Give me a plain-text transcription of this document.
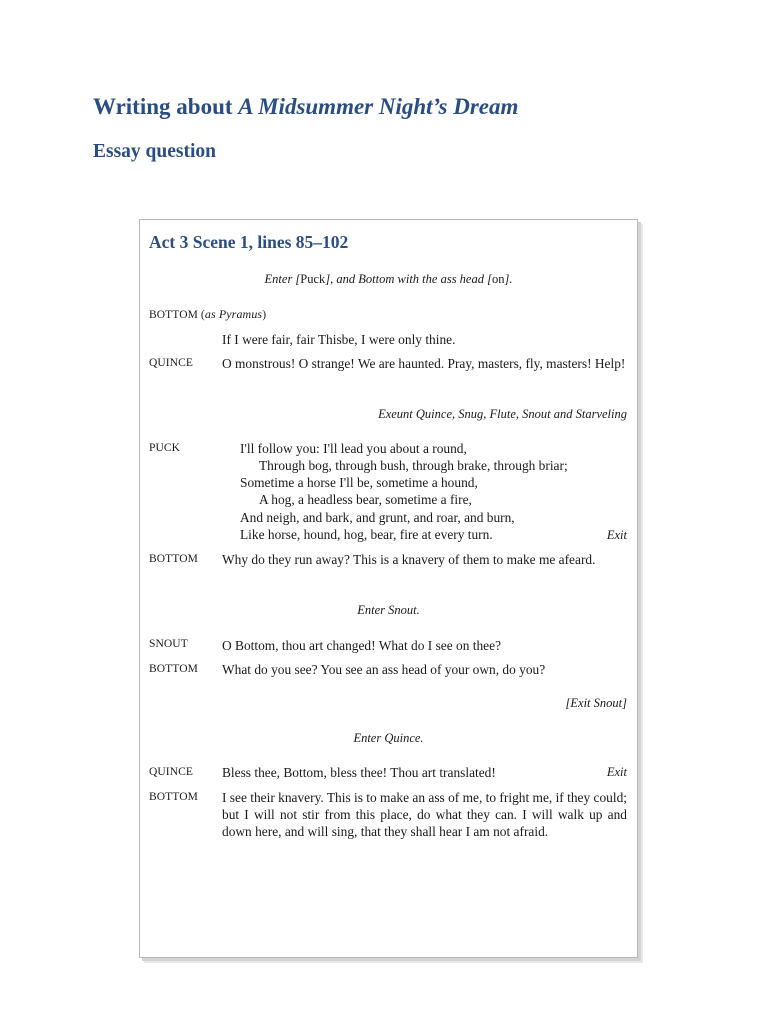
Writing about A Midsummer Night’s Dream
Essay question
Act 3 Scene 1, lines 85–102
Enter [Puck], and Bottom with the ass head [on].
BOTTOM (as Pyramus)
If I were fair, fair Thisbe, I were only thine.
QUINCE O monstrous! O strange! We are haunted. Pray, masters, fly, masters! Help!
Exeunt Quince, Snug, Flute, Snout and Starveling
PUCK	I'll follow you: I'll lead you about a round,
Through bog, through bush, through brake, through briar;
Sometime a horse I'll be, sometime a hound,
A hog, a headless bear, sometime a fire,
And neigh, and bark, and grunt, and roar, and burn,
Like horse, hound, hog, bear, fire at every turn.	Exit
BOTTOM Why do they run away? This is a knavery of them to make me afeard.
Enter Snout.
SNOUT	O Bottom, thou art changed! What do I see on thee?
BOTTOM What do you see? You see an ass head of your own, do you?
[Exit Snout]
Enter Quince.
QUINCE Bless thee, Bottom, bless thee! Thou art translated!	Exit
BOTTOM I see their knavery. This is to make an ass of me, to fright me, if they could; but I will not stir from this place, do what they can. I will walk up and down here, and will sing, that they shall hear I am not afraid.
